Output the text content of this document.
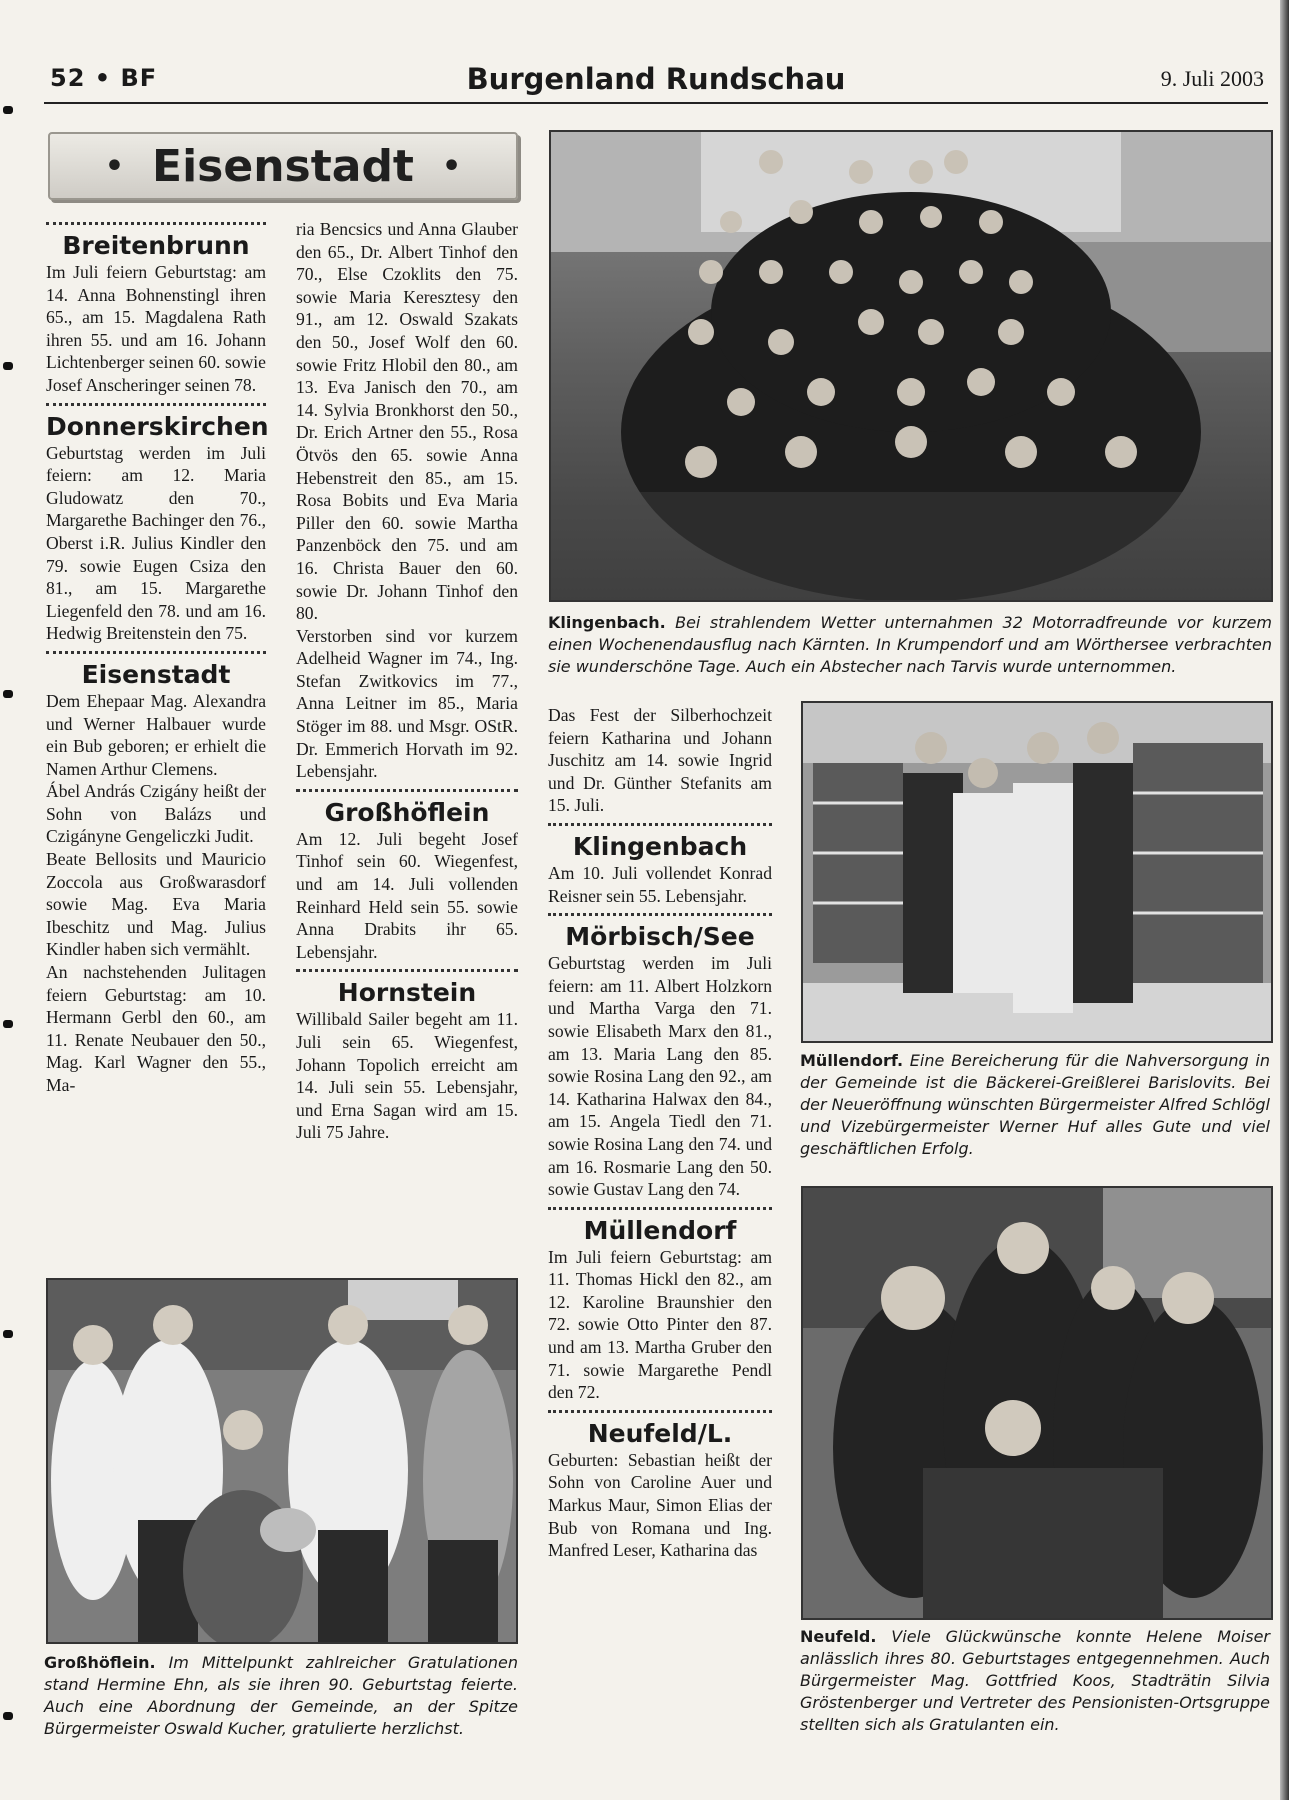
52 • BF	Burgenland Rundschau	9. Juli 2003
• Eisenstadt •
Breitenbrunn

Im Juli feiern Geburtstag: am 14. Anna Bohnenstingl ihren 65., am 15. Magdalena Rath ihren 55. und am 16. Johann Lichtenberger seinen 60. sowie Josef Anscheringer seinen 78.

Donnerskirchen

Geburtstag werden im Juli feiern: am 12. Maria Gludowatz den 70., Margarethe Bachinger den 76., Oberst i.R. Julius Kindler den 79. sowie Eugen Csiza den 81., am 15. Margarethe Liegenfeld den 78. und am 16. Hedwig Breitenstein den 75.

Eisenstadt

Dem Ehepaar Mag. Alexandra und Werner Halbauer wurde ein Bub geboren; er erhielt die Namen Arthur Clemens.

Ábel András Czigány heißt der Sohn von Balázs und Czigányne Gengeliczki Judit.

Beate Bellosits und Mauricio Zoccola aus Großwarasdorf sowie Mag. Eva Maria Ibeschitz und Mag. Julius Kindler haben sich vermählt.

An nachstehenden Julitagen feiern Geburtstag: am 10. Hermann Gerbl den 60., am 11. Renate Neubauer den 50., Mag. Karl Wagner den 55., Ma-

ria Bencsics und Anna Glauber den 65., Dr. Albert Tinhof den 70., Else Czoklits den 75. sowie Maria Keresztesy den 91., am 12. Oswald Szakats den 50., Josef Wolf den 60. sowie Fritz Hlobil den 80., am 13. Eva Janisch den 70., am 14. Sylvia Bronkhorst den 50., Dr. Erich Artner den 55., Rosa Ötvös den 65. sowie Anna Hebenstreit den 85., am 15. Rosa Bobits und Eva Maria Piller den 60. sowie Martha Panzenböck den 75. und am 16. Christa Bauer den 60. sowie Dr. Johann Tinhof den 80.

Verstorben sind vor kurzem Adelheid Wagner im 74., Ing. Stefan Zwitkovics im 77., Anna Leitner im 85., Maria Stöger im 88. und Msgr. OStR. Dr. Emmerich Horvath im 92. Lebensjahr.

Großhöflein

Am 12. Juli begeht Josef Tinhof sein 60. Wiegenfest, und am 14. Juli vollenden Reinhard Held sein 55. sowie Anna Drabits ihr 65. Lebensjahr.

Hornstein

Willibald Sailer begeht am 11. Juli sein 65. Wiegenfest, Johann Topolich erreicht am 14. Juli sein 55. Lebensjahr, und Erna Sagan wird am 15. Juli 75 Jahre.

Das Fest der Silberhochzeit feiern Katharina und Johann Juschitz am 14. sowie Ingrid und Dr. Günther Stefanits am 15. Juli.

Klingenbach

Am 10. Juli vollendet Konrad Reisner sein 55. Lebensjahr.

Mörbisch/See

Geburtstag werden im Juli feiern: am 11. Albert Holzkorn und Martha Varga den 71. sowie Elisabeth Marx den 81., am 13. Maria Lang den 85. sowie Rosina Lang den 92., am 14. Katharina Halwax den 84., am 15. Angela Tiedl den 71. sowie Rosina Lang den 74. und am 16. Rosmarie Lang den 50. sowie Gustav Lang den 74.

Müllendorf

Im Juli feiern Geburtstag: am 11. Thomas Hickl den 82., am 12. Karoline Braunshier den 72. sowie Otto Pinter den 87. und am 13. Martha Gruber den 71. sowie Margarethe Pendl den 72.

Neufeld/L.

Geburten: Sebastian heißt der Sohn von Caroline Auer und Markus Maur, Simon Elias der Bub von Romana und Ing. Manfred Leser, Katharina das

Klingenbach. Bei strahlendem Wetter unternahmen 32 Motorradfreunde vor kurzem einen Wochenendausflug nach Kärnten. In Krumpendorf und am Wörthersee verbrachten sie wunderschöne Tage. Auch ein Abstecher nach Tarvis wurde unternommen.
Müllendorf. Eine Bereicherung für die Nahversorgung in der Gemeinde ist die Bäckerei-Greißlerei Barislovits. Bei der Neueröffnung wünschten Bürgermeister Alfred Schlögl und Vizebürgermeister Werner Huf alles Gute und viel geschäftlichen Erfolg.
Neufeld. Viele Glückwünsche konnte Helene Moiser anlässlich ihres 80. Geburtstages entgegennehmen. Auch Bürgermeister Mag. Gottfried Koos, Stadträtin Silvia Gröstenberger und Vertreter des Pensionisten-Ortsgruppe stellten sich als Gratulanten ein.
Großhöflein. Im Mittelpunkt zahlreicher Gratulationen stand Hermine Ehn, als sie ihren 90. Geburtstag feierte. Auch eine Abordnung der Gemeinde, an der Spitze Bürgermeister Oswald Kucher, gratulierte herzlichst.
